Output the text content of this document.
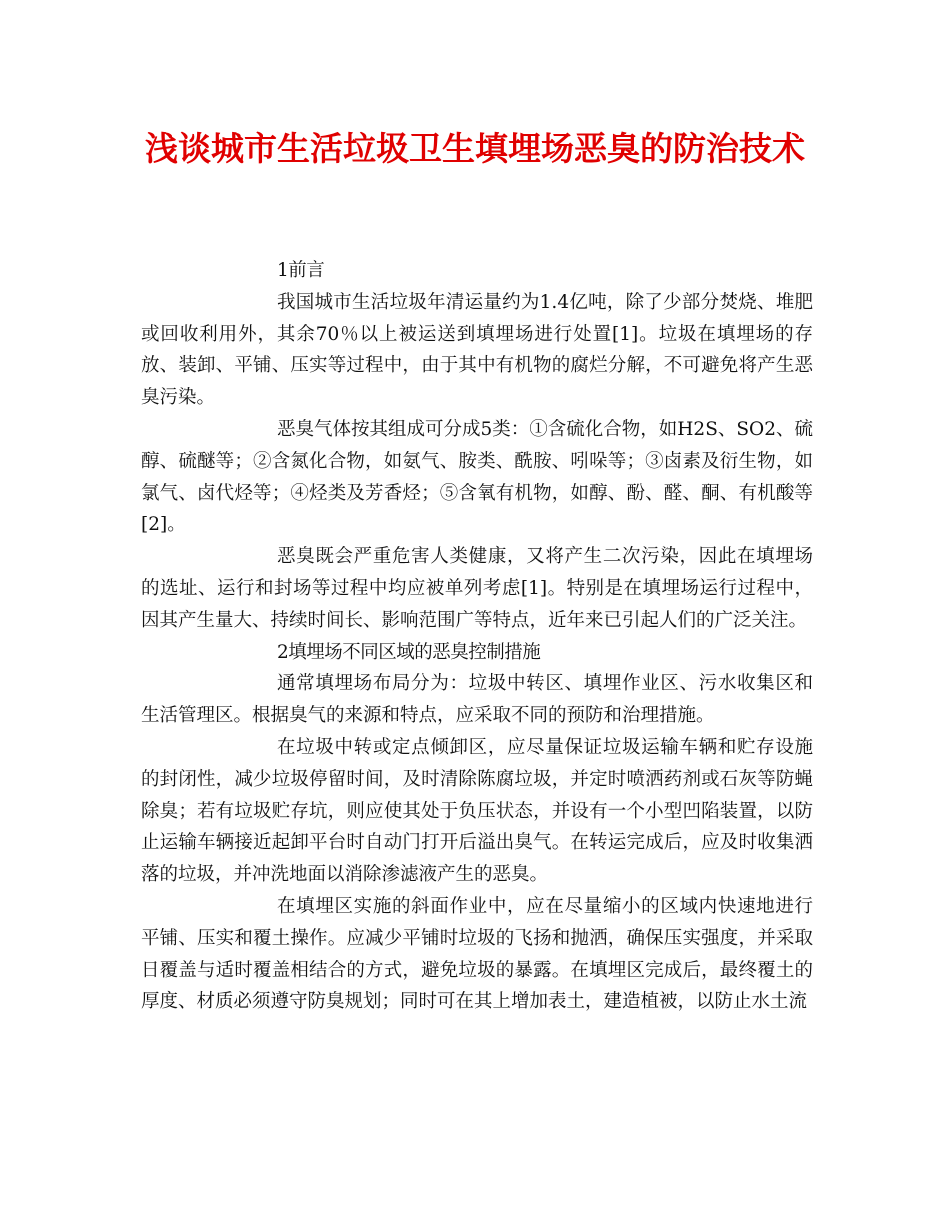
浅谈城市生活垃圾卫生填埋场恶臭的防治技术

1前言

我国城市生活垃圾年清运量约为1.4亿吨，除了少部分焚烧、堆肥或回收利用外，其余70％以上被运送到填埋场进行处置[1]。垃圾在填埋场的存放、装卸、平铺、压实等过程中，由于其中有机物的腐烂分解，不可避免将产生恶臭污染。

恶臭气体按其组成可分成5类：①含硫化合物，如H2S、SO2、硫醇、硫醚等；②含氮化合物，如氨气、胺类、酰胺、吲哚等；③卤素及衍生物，如氯气、卤代烃等；④烃类及芳香烃；⑤含氧有机物，如醇、酚、醛、酮、有机酸等[2]。

恶臭既会严重危害人类健康，又将产生二次污染，因此在填埋场的选址、运行和封场等过程中均应被单列考虑[1]。特别是在填埋场运行过程中，因其产生量大、持续时间长、影响范围广等特点，近年来已引起人们的广泛关注。

2填埋场不同区域的恶臭控制措施

通常填埋场布局分为：垃圾中转区、填埋作业区、污水收集区和生活管理区。根据臭气的来源和特点，应采取不同的预防和治理措施。

在垃圾中转或定点倾卸区，应尽量保证垃圾运输车辆和贮存设施的封闭性，减少垃圾停留时间，及时清除陈腐垃圾，并定时喷洒药剂或石灰等防蝇除臭；若有垃圾贮存坑，则应使其处于负压状态，并设有一个小型凹陷装置，以防止运输车辆接近起卸平台时自动门打开后溢出臭气。在转运完成后，应及时收集洒落的垃圾，并冲洗地面以消除渗滤液产生的恶臭。

在填埋区实施的斜面作业中，应在尽量缩小的区域内快速地进行平铺、压实和覆土操作。应减少平铺时垃圾的飞扬和抛洒，确保压实强度，并采取日覆盖与适时覆盖相结合的方式，避免垃圾的暴露。在填埋区完成后，最终覆土的厚度、材质必须遵守防臭规划；同时可在其上增加表土，建造植被，以防止水土流
